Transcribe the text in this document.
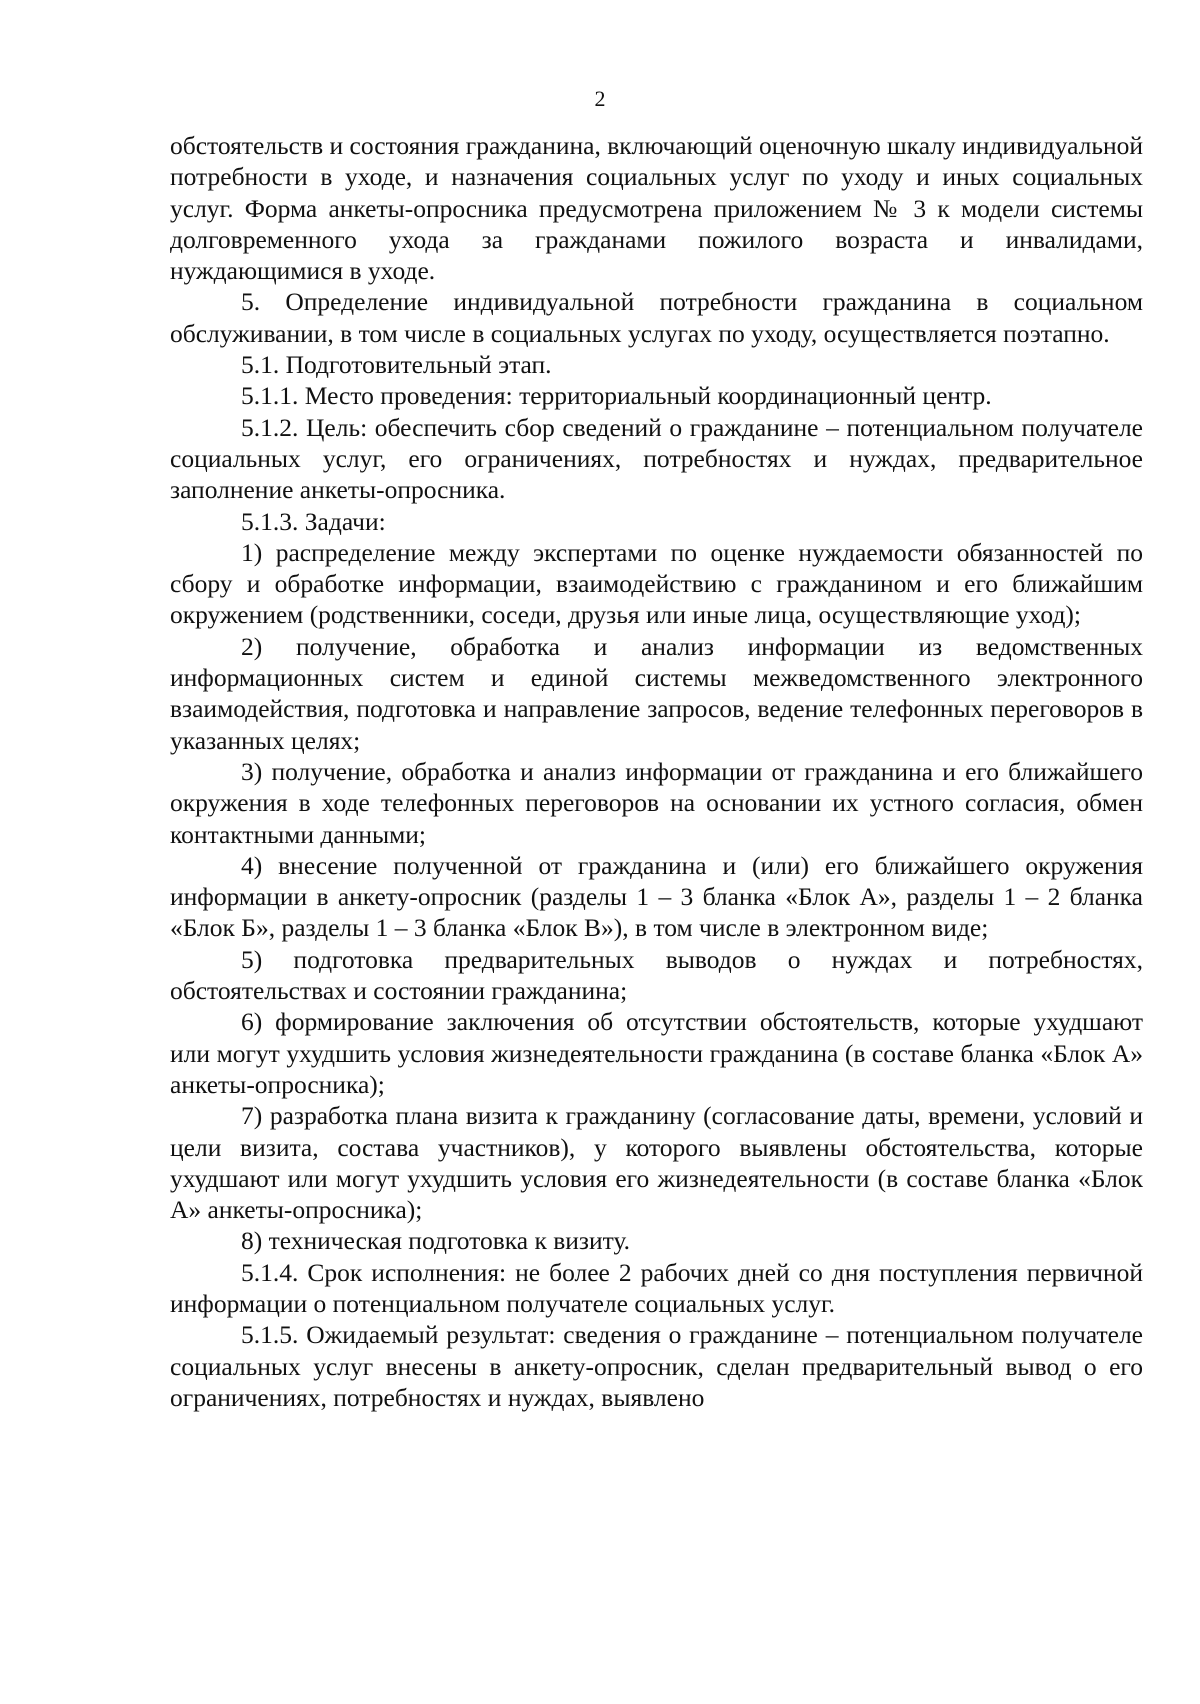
2

обстоятельств и состояния гражданина, включающий оценочную шкалу индивидуальной потребности в уходе, и назначения социальных услуг по уходу и иных социальных услуг. Форма анкеты-опросника предусмотрена приложением № 3 к модели системы долговременного ухода за гражданами пожилого возраста и инвалидами, нуждающимися в уходе.

5. Определение индивидуальной потребности гражданина в социальном обслуживании, в том числе в социальных услугах по уходу, осуществляется поэтапно.

5.1. Подготовительный этап.

5.1.1. Место проведения: территориальный координационный центр.

5.1.2. Цель: обеспечить сбор сведений о гражданине – потенциальном получателе социальных услуг, его ограничениях, потребностях и нуждах, предварительное заполнение анкеты-опросника.

5.1.3. Задачи:

1) распределение между экспертами по оценке нуждаемости обязанностей по сбору и обработке информации, взаимодействию с гражданином и его ближайшим окружением (родственники, соседи, друзья или иные лица, осуществляющие уход);

2) получение, обработка и анализ информации из ведомственных информационных систем и единой системы межведомственного электронного взаимодействия, подготовка и направление запросов, ведение телефонных переговоров в указанных целях;

3) получение, обработка и анализ информации от гражданина и его ближайшего окружения в ходе телефонных переговоров на основании их устного согласия, обмен контактными данными;

4) внесение полученной от гражданина и (или) его ближайшего окружения информации в анкету-опросник (разделы 1 – 3 бланка «Блок А», разделы 1 – 2 бланка «Блок Б», разделы 1 – 3 бланка «Блок В»), в том числе в электронном виде;

5) подготовка предварительных выводов о нуждах и потребностях, обстоятельствах и состоянии гражданина;

6) формирование заключения об отсутствии обстоятельств, которые ухудшают или могут ухудшить условия жизнедеятельности гражданина (в составе бланка «Блок А» анкеты-опросника);

7) разработка плана визита к гражданину (согласование даты, времени, условий и цели визита, состава участников), у которого выявлены обстоятельства, которые ухудшают или могут ухудшить условия его жизнедеятельности (в составе бланка «Блок А» анкеты-опросника);

8) техническая подготовка к визиту.

5.1.4. Срок исполнения: не более 2 рабочих дней со дня поступления первичной информации о потенциальном получателе социальных услуг.

5.1.5. Ожидаемый результат: сведения о гражданине – потенциальном получателе социальных услуг внесены в анкету-опросник, сделан предварительный вывод о его ограничениях, потребностях и нуждах, выявлено
